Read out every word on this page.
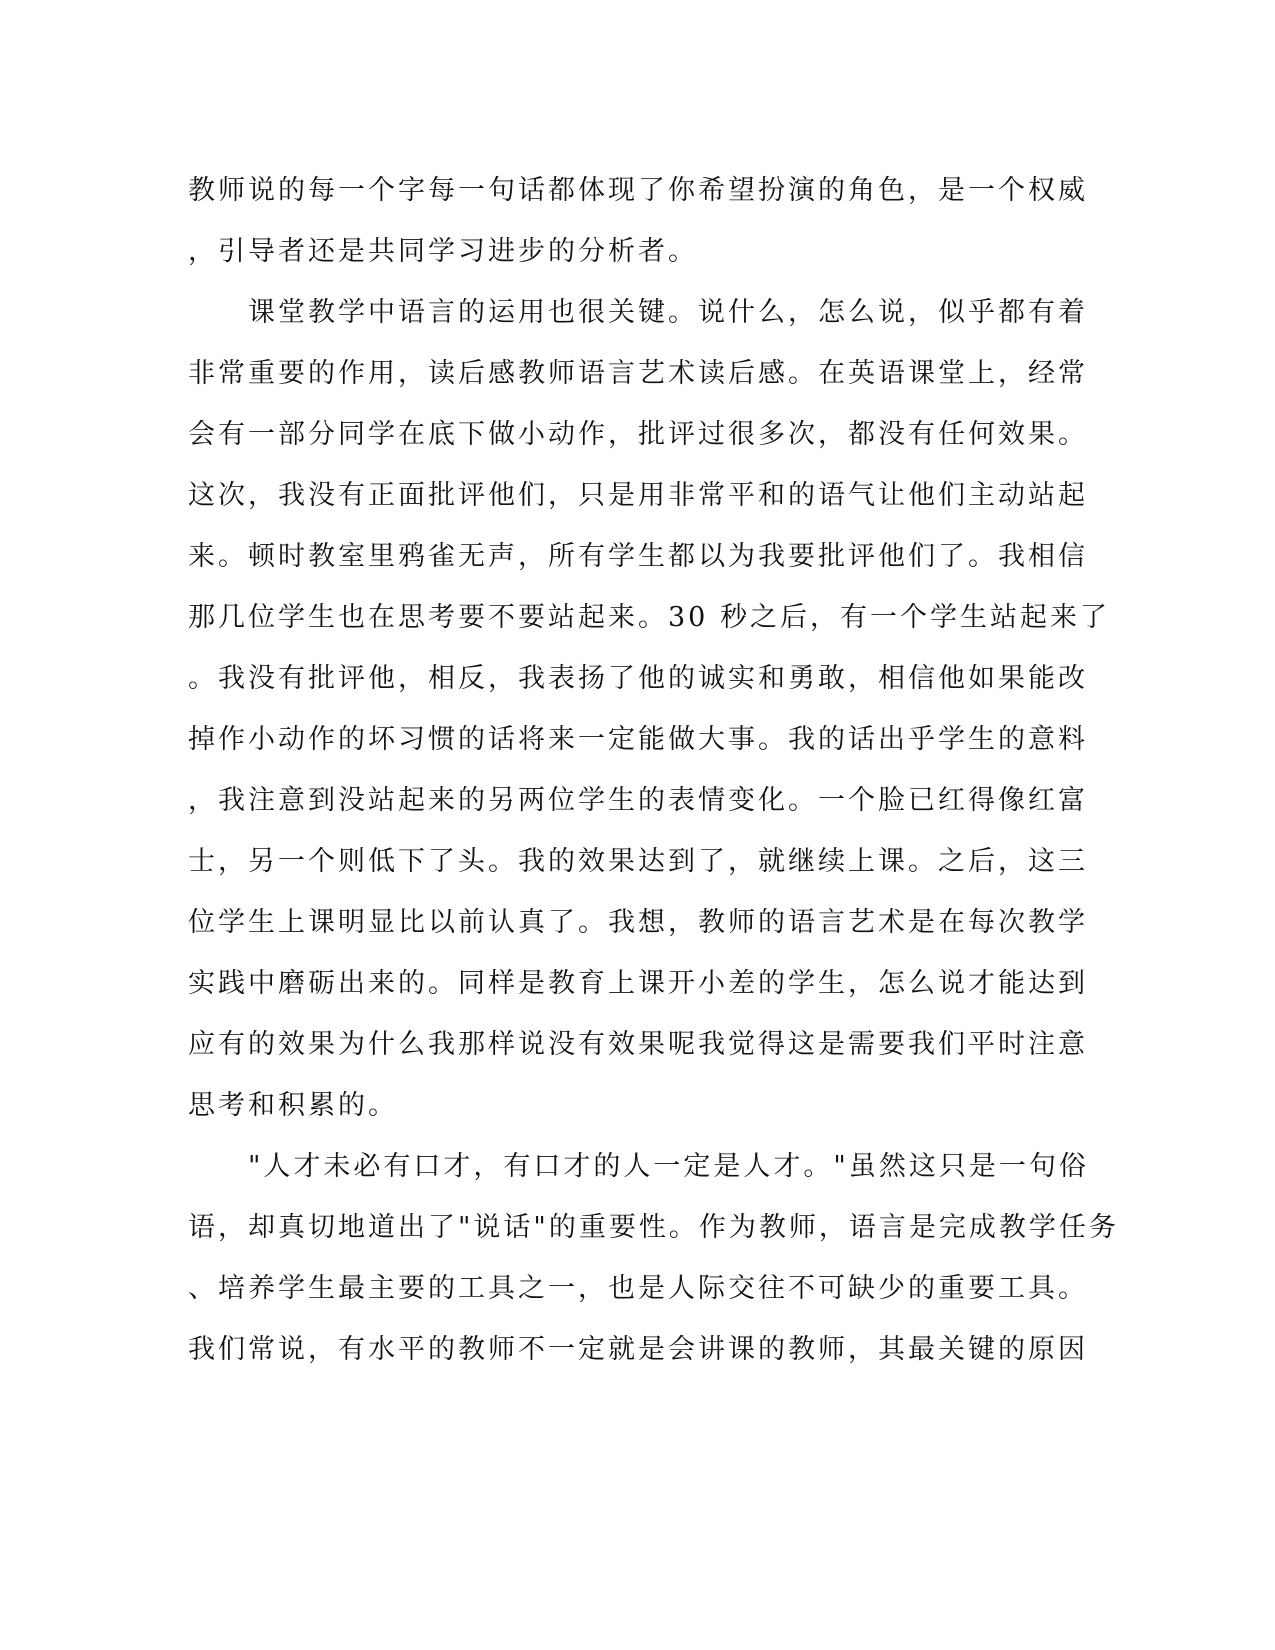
教师说的每一个字每一句话都体现了你希望扮演的角色，是一个权威
，引导者还是共同学习进步的分析者。
　　课堂教学中语言的运用也很关键。说什么，怎么说，似乎都有着
非常重要的作用，读后感教师语言艺术读后感。在英语课堂上，经常
会有一部分同学在底下做小动作，批评过很多次，都没有任何效果。
这次，我没有正面批评他们，只是用非常平和的语气让他们主动站起
来。顿时教室里鸦雀无声，所有学生都以为我要批评他们了。我相信
那几位学生也在思考要不要站起来。30 秒之后，有一个学生站起来了
。我没有批评他，相反，我表扬了他的诚实和勇敢，相信他如果能改
掉作小动作的坏习惯的话将来一定能做大事。我的话出乎学生的意料
，我注意到没站起来的另两位学生的表情变化。一个脸已红得像红富
士，另一个则低下了头。我的效果达到了，就继续上课。之后，这三
位学生上课明显比以前认真了。我想，教师的语言艺术是在每次教学
实践中磨砺出来的。同样是教育上课开小差的学生，怎么说才能达到
应有的效果为什么我那样说没有效果呢我觉得这是需要我们平时注意
思考和积累的。
　　"人才未必有口才，有口才的人一定是人才。"虽然这只是一句俗
语，却真切地道出了"说话"的重要性。作为教师，语言是完成教学任务
、培养学生最主要的工具之一，也是人际交往不可缺少的重要工具。
我们常说，有水平的教师不一定就是会讲课的教师，其最关键的原因
